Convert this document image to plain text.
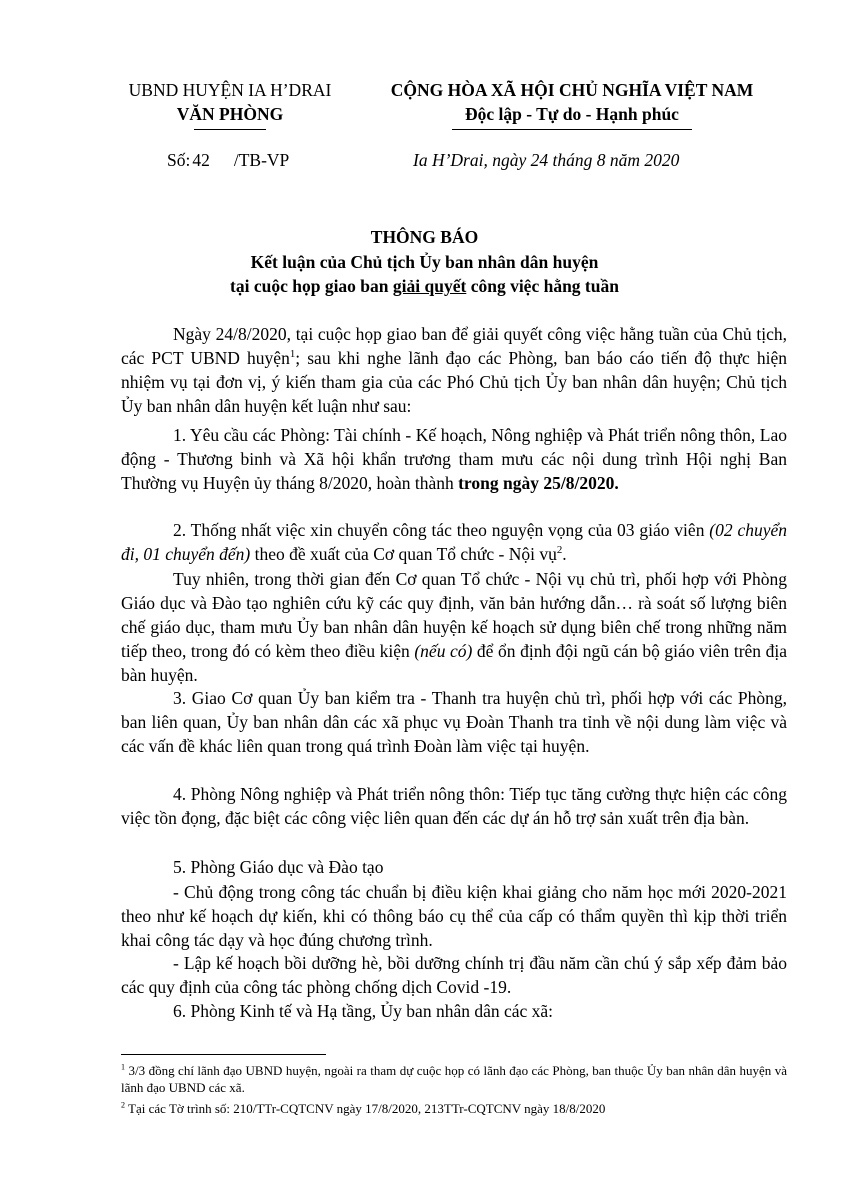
UBND HUYỆN IA H’DRAI
VĂN PHÒNG
CỘNG HÒA XÃ HỘI CHỦ NGHĨA VIỆT NAM
Độc lập - Tự do - Hạnh phúc
Số: 42 /TB-VP	Ia H’Drai, ngày 24 tháng 8 năm 2020
THÔNG BÁO
Kết luận của Chủ tịch Ủy ban nhân dân huyện
tại cuộc họp giao ban giải quyết công việc hằng tuần

Ngày 24/8/2020, tại cuộc họp giao ban để giải quyết công việc hằng tuần của Chủ tịch, các PCT UBND huyện$^1$; sau khi nghe lãnh đạo các Phòng, ban báo cáo tiến độ thực hiện nhiệm vụ tại đơn vị, ý kiến tham gia của các Phó Chủ tịch Ủy ban nhân dân huyện; Chủ tịch Ủy ban nhân dân huyện kết luận như sau:

1. Yêu cầu các Phòng: Tài chính - Kế hoạch, Nông nghiệp và Phát triển nông thôn, Lao động - Thương binh và Xã hội khẩn trương tham mưu các nội dung trình Hội nghị Ban Thường vụ Huyện ủy tháng 8/2020, hoàn thành trong ngày 25/8/2020.

2. Thống nhất việc xin chuyển công tác theo nguyện vọng của 03 giáo viên (02 chuyển đi, 01 chuyển đến) theo đề xuất của Cơ quan Tổ chức - Nội vụ$^2$.

Tuy nhiên, trong thời gian đến Cơ quan Tổ chức - Nội vụ chủ trì, phối hợp với Phòng Giáo dục và Đào tạo nghiên cứu kỹ các quy định, văn bản hướng dẫn… rà soát số lượng biên chế giáo dục, tham mưu Ủy ban nhân dân huyện kế hoạch sử dụng biên chế trong những năm tiếp theo, trong đó có kèm theo điều kiện (nếu có) để ổn định đội ngũ cán bộ giáo viên trên địa bàn huyện.

3. Giao Cơ quan Ủy ban kiểm tra - Thanh tra huyện chủ trì, phối hợp với các Phòng, ban liên quan, Ủy ban nhân dân các xã phục vụ Đoàn Thanh tra tỉnh về nội dung làm việc và các vấn đề khác liên quan trong quá trình Đoàn làm việc tại huyện.

4. Phòng Nông nghiệp và Phát triển nông thôn: Tiếp tục tăng cường thực hiện các công việc tồn đọng, đặc biệt các công việc liên quan đến các dự án hỗ trợ sản xuất trên địa bàn.

5. Phòng Giáo dục và Đào tạo

- Chủ động trong công tác chuẩn bị điều kiện khai giảng cho năm học mới 2020-2021 theo như kế hoạch dự kiến, khi có thông báo cụ thể của cấp có thẩm quyền thì kịp thời triển khai công tác dạy và học đúng chương trình.

- Lập kế hoạch bồi dưỡng hè, bồi dưỡng chính trị đầu năm cần chú ý sắp xếp đảm bảo các quy định của công tác phòng chống dịch Covid -19.

6. Phòng Kinh tế và Hạ tầng, Ủy ban nhân dân các xã:

$^1$ 3/3 đồng chí lãnh đạo UBND huyện, ngoài ra tham dự cuộc họp có lãnh đạo các Phòng, ban thuộc Ủy ban nhân dân huyện và lãnh đạo UBND các xã.
$^2$ Tại các Tờ trình số: 210/TTr-CQTCNV ngày 17/8/2020, 213TTr-CQTCNV ngày 18/8/2020
